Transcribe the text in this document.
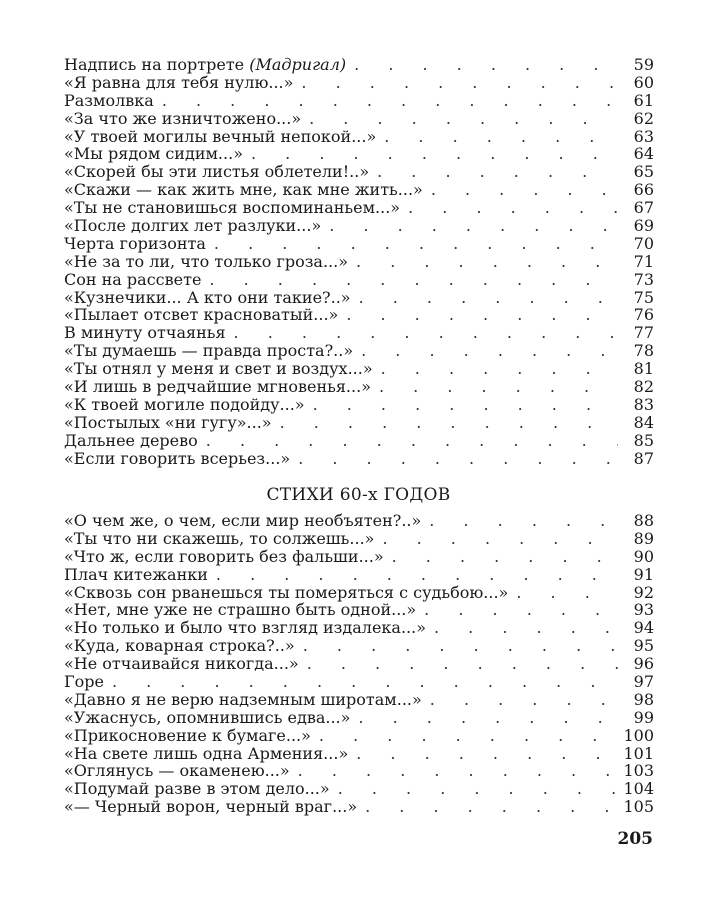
Надпись на портрете (Мадригал) . . .	59
«Я равна для тебя нулю...» . . .	60
Размолвка . . .	61
«За что же изничтожено...» . . .	62
«У твоей могилы вечный непокой...» . . .	63
«Мы рядом сидим...» . . .	64
«Скорей бы эти листья облетели!..» . . .	65
«Скажи — как жить мне, как мне жить...» . . .	66
«Ты не становишься воспоминаньем...» . . .	67
«После долгих лет разлуки...» . . .	69
Черта горизонта . . .	70
«Не за то ли, что только гроза...» . . .	71
Сон на рассвете . . .	73
«Кузнечики... А кто они такие?..» . . .	75
«Пылает отсвет красноватый...» . . .	76
В минуту отчаянья . . .	77
«Ты думаешь — правда проста?..» . . .	78
«Ты отнял у меня и свет и воздух...» . . .	81
«И лишь в редчайшие мгновенья...» . . .	82
«К твоей могиле подойду...» . . .	83
«Постылых «ни гугу»...» . . .	84
Дальнее дерево . . .	85
«Если говорить всерьез...» . . .	87
СТИХИ 60-х ГОДОВ
«О чем же, о чем, если мир необъятен?..» . . .	88
«Ты что ни скажешь, то солжешь...» . . .	89
«Что ж, если говорить без фальши...» . . .	90
Плач китежанки . . .	91
«Сквозь сон рванешься ты померяться с судьбою...» . . .	92
«Нет, мне уже не страшно быть одной...» . . .	93
«Но только и было что взгляд издалека...» . . .	94
«Куда, коварная строка?..» . . .	95
«Не отчаивайся никогда...» . . .	96
Горе . . .	97
«Давно я не верю надземным широтам...» . . .	98
«Ужаснусь, опомнившись едва...» . . .	99
«Прикосновение к бумаге...» . . .	100
«На свете лишь одна Армения...» . . .	101
«Оглянусь — окаменею...» . . .	103
«Подумай разве в этом дело...» . . .	104
«— Черный ворон, черный враг...» . . .	105
205
